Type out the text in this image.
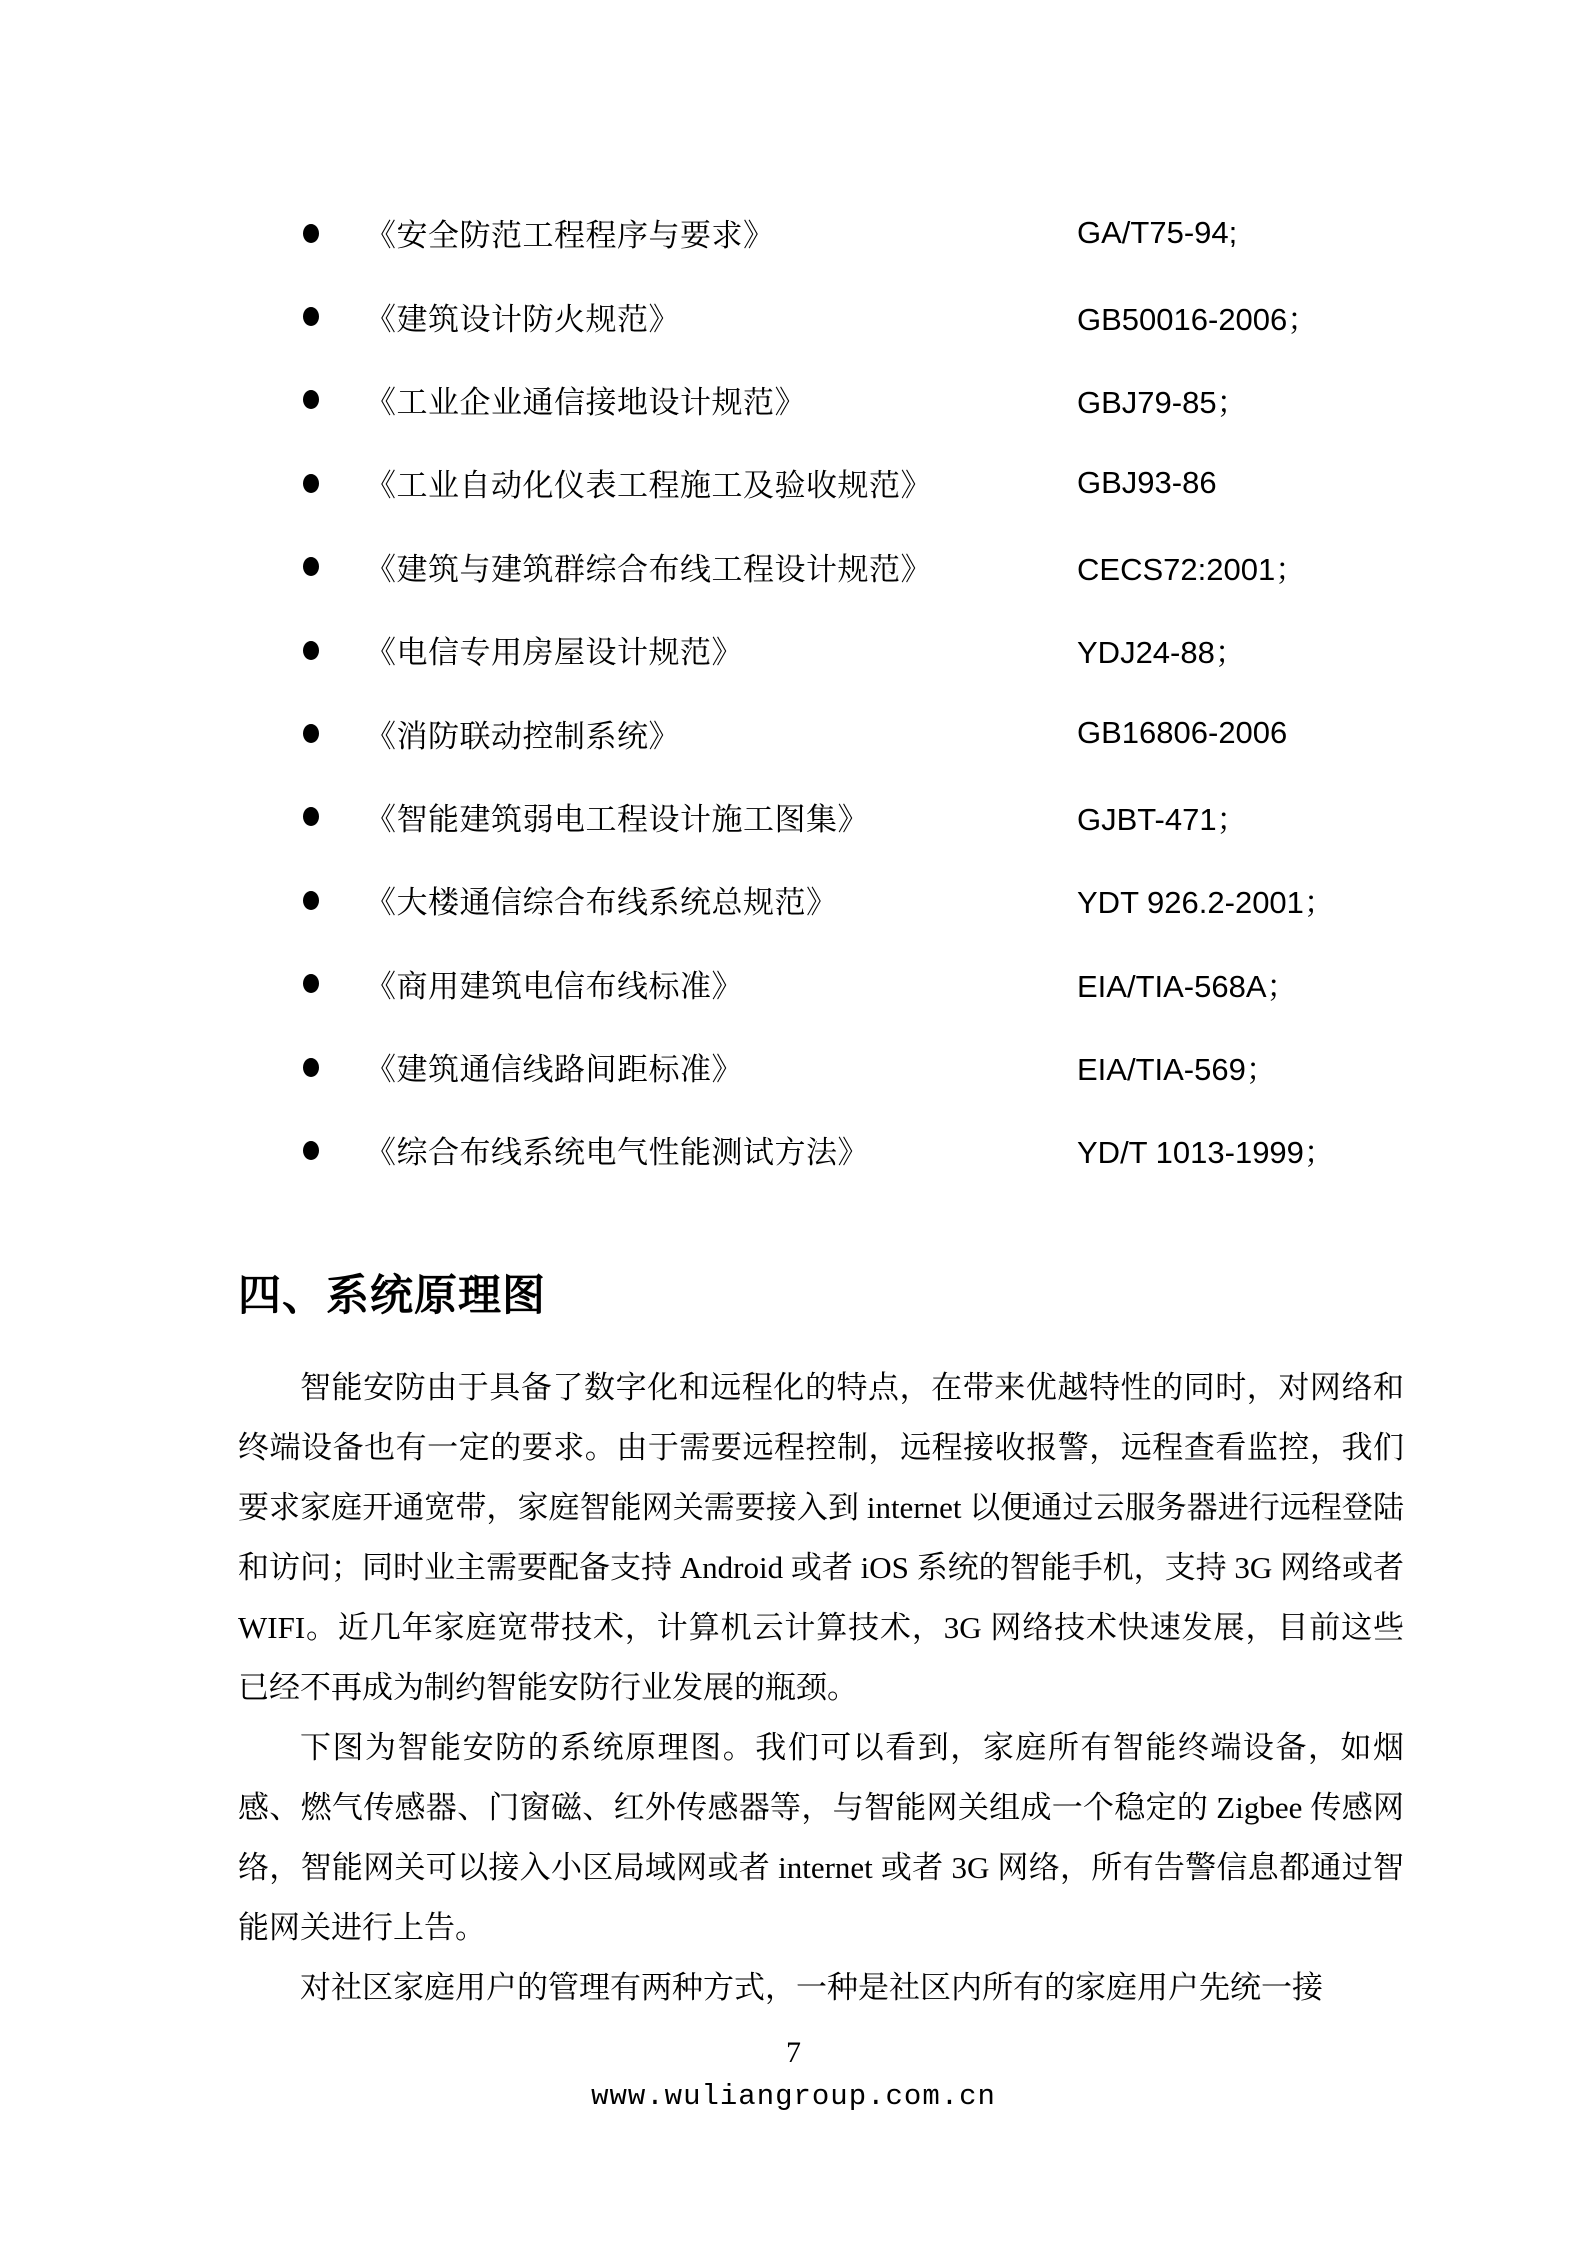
《安全防范工程程序与要求》	GA/T75-94;
《建筑设计防火规范》	GB50016-2006；
《工业企业通信接地设计规范》	GBJ79-85；
《工业自动化仪表工程施工及验收规范》	GBJ93-86
《建筑与建筑群综合布线工程设计规范》	CECS72:2001；
《电信专用房屋设计规范》	YDJ24-88；
《消防联动控制系统》	GB16806-2006
《智能建筑弱电工程设计施工图集》	GJBT-471；
《大楼通信综合布线系统总规范》	YDT 926.2-2001；
《商用建筑电信布线标准》	EIA/TIA-568A；
《建筑通信线路间距标准》	EIA/TIA-569；
《综合布线系统电气性能测试方法》	YD/T 1013-1999；
四、系统原理图

智能安防由于具备了数字化和远程化的特点，在带来优越特性的同时，对网络和终端设备也有一定的要求。由于需要远程控制，远程接收报警，远程查看监控，我们要求家庭开通宽带，家庭智能网关需要接入到 internet 以便通过云服务器进行远程登陆和访问；同时业主需要配备支持 Android 或者 iOS 系统的智能手机，支持 3G 网络或者 WIFI。近几年家庭宽带技术，计算机云计算技术，3G 网络技术快速发展，目前这些已经不再成为制约智能安防行业发展的瓶颈。

下图为智能安防的系统原理图。我们可以看到，家庭所有智能终端设备，如烟感、燃气传感器、门窗磁、红外传感器等，与智能网关组成一个稳定的 Zigbee 传感网络，智能网关可以接入小区局域网或者 internet 或者 3G 网络，所有告警信息都通过智能网关进行上告。

对社区家庭用户的管理有两种方式，一种是社区内所有的家庭用户先统一接

7
www.wuliangroup.com.cn
